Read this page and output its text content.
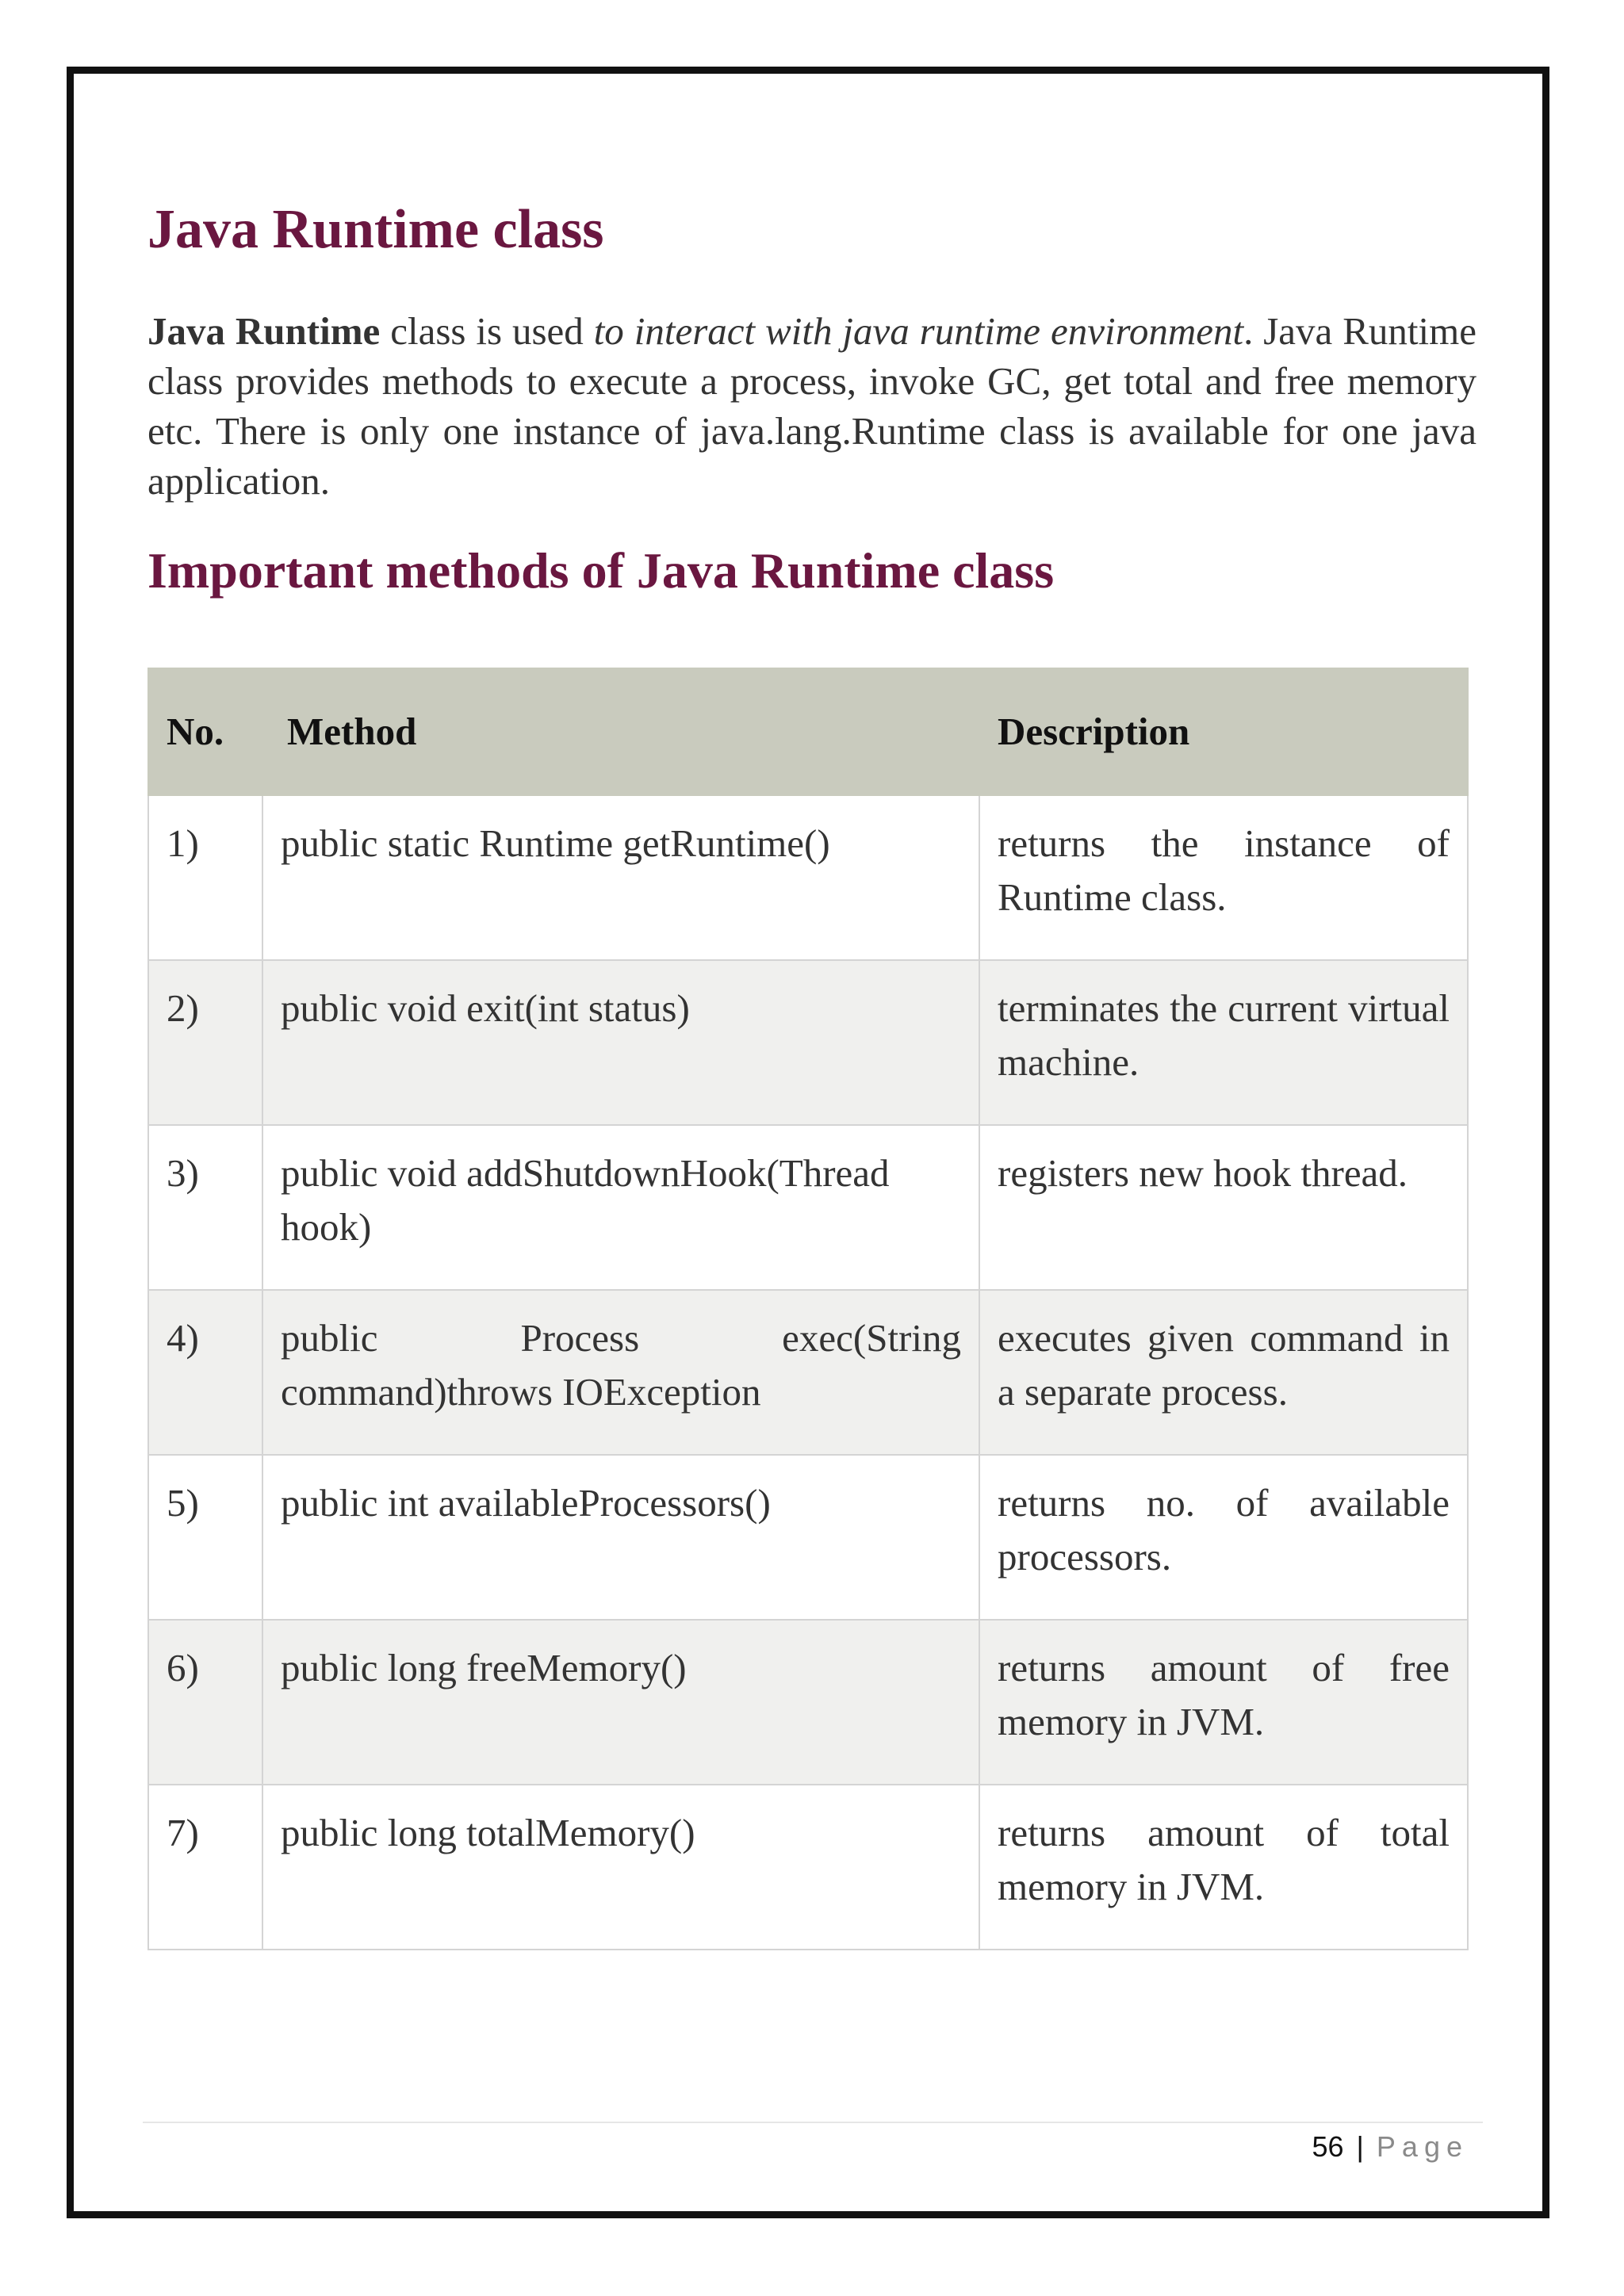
Java Runtime class

Java Runtime class is used to interact with java runtime environment. Java Runtime class provides methods to execute a process, invoke GC, get total and free memory etc. There is only one instance of java.lang.Runtime class is available for one java application.

Important methods of Java Runtime class
No.	Method	Description
1)	public static Runtime getRuntime()	returns the instance of Runtime class.
2)	public void exit(int status)	terminates the current virtual machine.
3)	public void addShutdownHook(Thread hook)	registers new hook thread.
4)	public Process exec(String command)throws IOException	executes given command in a separate process.
5)	public int availableProcessors()	returns no. of available processors.
6)	public long freeMemory()	returns amount of free memory in JVM.
7)	public long totalMemory()	returns amount of total memory in JVM.
56 | Page
